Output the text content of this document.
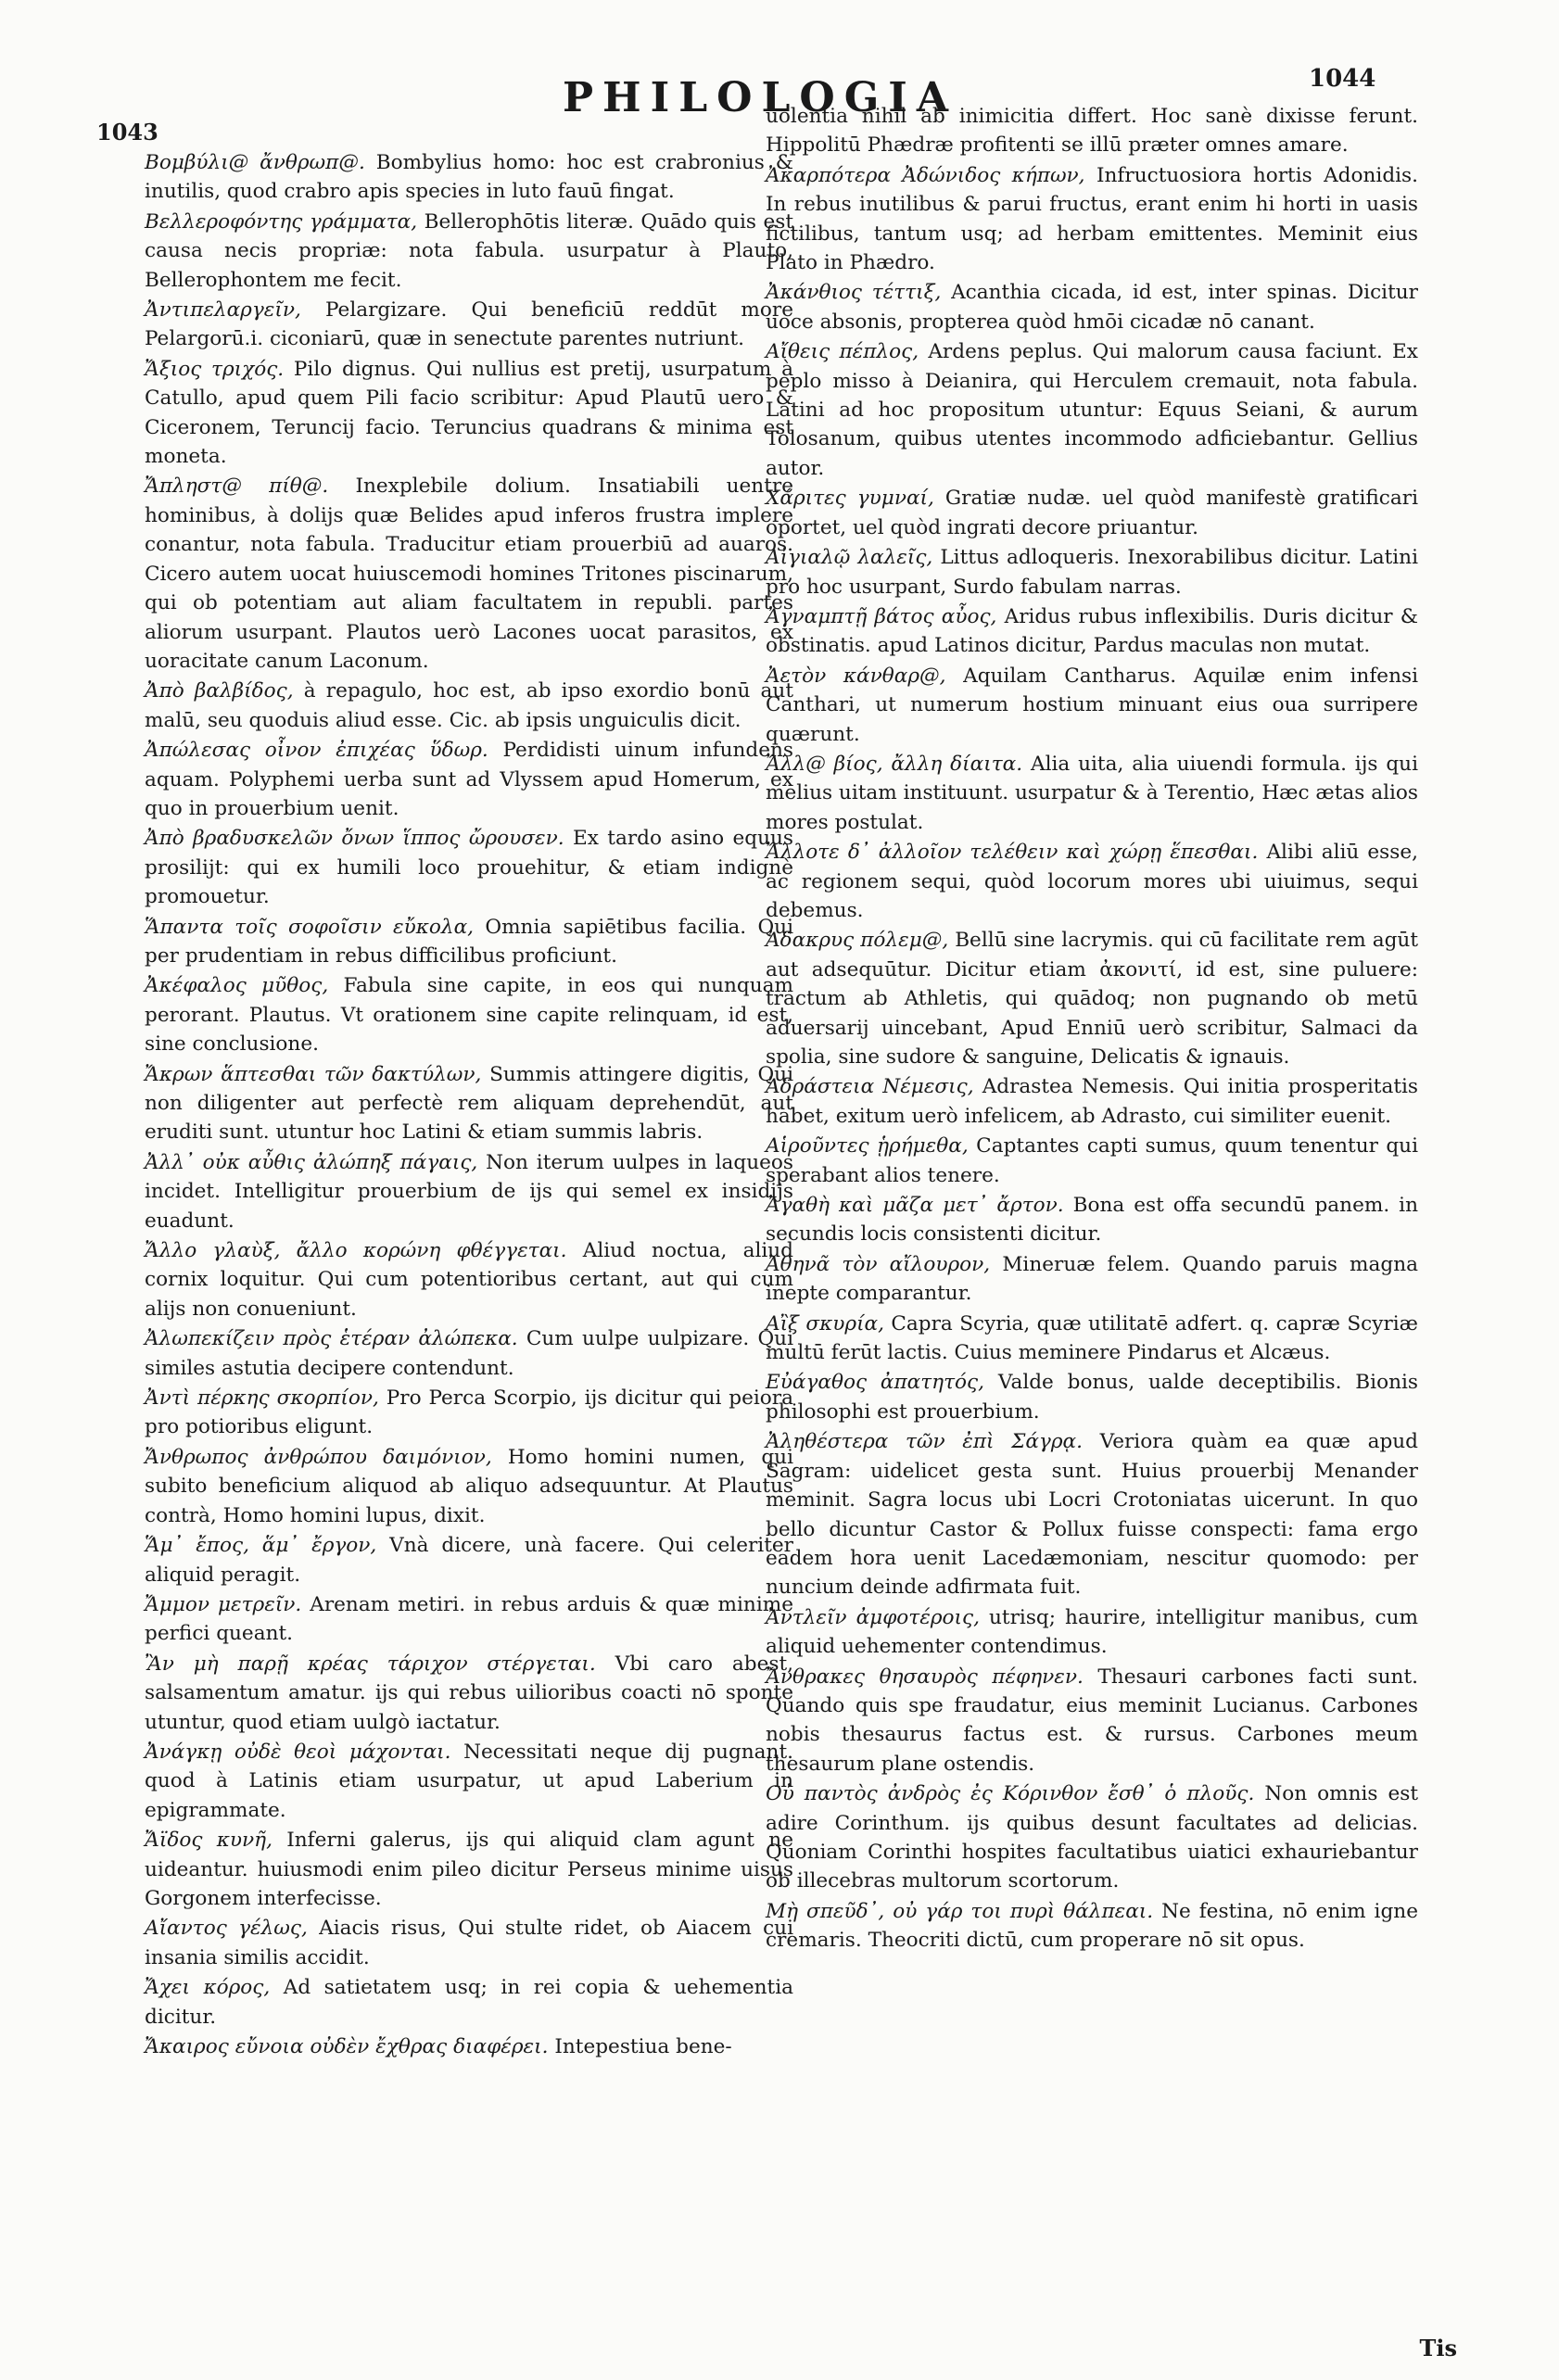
1043
PHILOLOGIA	1044

Βομβύλι@ ἄνθρωπ@. Bombylius homo: hoc est crabronius & inutilis, quod crabro apis species in luto fauū fingat.

Βελλεροφόντης γράμματα, Bellerophōtis literæ. Quādo quis est causa necis propriæ: nota fabula. usurpatur à Plauto, Bellerophontem me fecit.

Ἀντιπελαργεῖν, Pelargizare. Qui beneficiū reddūt more Pelargorū.i. ciconiarū, quæ in senectute parentes nutriunt.

Ἄξιος τριχός. Pilo dignus. Qui nullius est pretij, usurpatum à Catullo, apud quem Pili facio scribitur: Apud Plautū uero & Ciceronem, Teruncij facio. Teruncius quadrans & minima est moneta.

Ἄπληστ@ πίθ@. Inexplebile dolium. Insatiabili uentre hominibus, à dolijs quæ Belides apud inferos frustra implere conantur, nota fabula. Traducitur etiam prouerbiū ad auaros. Cicero autem uocat huiuscemodi homines Tritones piscinarum, qui ob potentiam aut aliam facultatem in republi. partes aliorum usurpant. Plautos uerò Lacones uocat parasitos, ex uoracitate canum Laconum.

Ἀπὸ βαλβίδος, à repagulo, hoc est, ab ipso exordio bonū aut malū, seu quoduis aliud esse. Cic. ab ipsis unguiculis dicit.

Ἀπώλεσας οἶνον ἐπιχέας ὕδωρ. Perdidisti uinum infundens aquam. Polyphemi uerba sunt ad Vlyssem apud Homerum, ex quo in prouerbium uenit.

Ἀπὸ βραδυσκελῶν ὄνων ἵππος ὤρουσεν. Ex tardo asino equus prosilijt: qui ex humili loco prouehitur, & etiam indignè promouetur.

Ἅπαντα τοῖς σοφοῖσιν εὔκολα, Omnia sapiētibus facilia. Qui per prudentiam in rebus difficilibus proficiunt.

Ἀκέφαλος μῦθος, Fabula sine capite, in eos qui nunquam perorant. Plautus. Vt orationem sine capite relinquam, id est, sine conclusione.

Ἄκρων ἅπτεσθαι τῶν δακτύλων, Summis attingere digitis, Qui non diligenter aut perfectè rem aliquam deprehendūt, aut eruditi sunt. utuntur hoc Latini & etiam summis labris.

Ἀλλ᾽ οὐκ αὖθις ἀλώπηξ πάγαις, Non iterum uulpes in laqueos incidet. Intelligitur prouerbium de ijs qui semel ex insidijs euadunt.

Ἄλλο γλαὺξ, ἄλλο κορώνη φθέγγεται. Aliud noctua, aliud cornix loquitur. Qui cum potentioribus certant, aut qui cum alijs non conueniunt.

Ἀλωπεκίζειν πρὸς ἑτέραν ἀλώπεκα. Cum uulpe uulpizare. Qui similes astutia decipere contendunt.

Ἀντὶ πέρκης σκορπίον, Pro Perca Scorpio, ijs dicitur qui peiora pro potioribus eligunt.

Ἄνθρωπος ἀνθρώπου δαιμόνιον, Homo homini numen, qui subito beneficium aliquod ab aliquo adsequuntur. At Plautus contrà, Homo homini lupus, dixit.

Ἅμ᾽ ἔπος, ἅμ᾽ ἔργον, Vnà dicere, unà facere. Qui celeriter aliquid peragit.

Ἄμμον μετρεῖν. Arenam metiri. in rebus arduis & quæ minime perfici queant.

Ἂν μὴ παρῇ κρέας τάριχον στέργεται. Vbi caro abest, salsamentum amatur. ijs qui rebus uilioribus coacti nō sponte utuntur, quod etiam uulgò iactatur.

Ἀνάγκῃ οὐδὲ θεοὶ μάχονται. Necessitati neque dij pugnant. quod à Latinis etiam usurpatur, ut apud Laberium in epigrammate.

Ἄϊδος κυνῆ, Inferni galerus, ijs qui aliquid clam agunt ne uideantur. huiusmodi enim pileo dicitur Perseus minime uisus Gorgonem interfecisse.

Αἴαντος γέλως, Aiacis risus, Qui stulte ridet, ob Aiacem cui insania similis accidit.

Ἄχει κόρος, Ad satietatem usq; in rei copia & uehementia dicitur.

Ἄκαιρος εὔνοια οὐδὲν ἔχθρας διαφέρει. Intepestiua bene-

uolentia nihil ab inimicitia differt. Hoc sanè dixisse ferunt. Hippolitū Phædræ profitenti se illū præter omnes amare.

Ἀκαρπότερα Ἀδώνιδος κήπων, Infructuosiora hortis Adonidis. In rebus inutilibus & parui fructus, erant enim hi horti in uasis fictilibus, tantum usq; ad herbam emittentes. Meminit eius Plato in Phædro.

Ἀκάνθιος τέττιξ, Acanthia cicada, id est, inter spinas. Dicitur uoce absonis, propterea quòd hmōi cicadæ nō canant.

Αἴθεις πέπλος, Ardens peplus. Qui malorum causa faciunt. Ex peplo misso à Deianira, qui Herculem cremauit, nota fabula. Latini ad hoc propositum utuntur: Equus Seiani, & aurum Tolosanum, quibus utentes incommodo adficiebantur. Gellius autor.

Χάριτες γυμναί, Gratiæ nudæ. uel quòd manifestè gratificari oportet, uel quòd ingrati decore priuantur.

Αἰγιαλῷ λαλεῖς, Littus adloqueris. Inexorabilibus dicitur. Latini pro hoc usurpant, Surdo fabulam narras.

Ἀγναμπτῇ βάτος αὖος, Aridus rubus inflexibilis. Duris dicitur & obstinatis. apud Latinos dicitur, Pardus maculas non mutat.

Ἀετὸν κάνθαρ@, Aquilam Cantharus. Aquilæ enim infensi Canthari, ut numerum hostium minuant eius oua surripere quærunt.

Ἄλλ@ βίος, ἄλλη δίαιτα. Alia uita, alia uiuendi formula. ijs qui melius uitam instituunt. usurpatur & à Terentio, Hæc ætas alios mores postulat.

Ἄλλοτε δ᾽ ἀλλοῖον τελέθειν καὶ χώρῃ ἕπεσθαι. Alibi aliū esse, ac regionem sequi, quòd locorum mores ubi uiuimus, sequi debemus.

Ἀδακρυς πόλεμ@, Bellū sine lacrymis. qui cū facilitate rem agūt aut adsequūtur. Dicitur etiam ἀκονιτί, id est, sine puluere: tractum ab Athletis, qui quādoq; non pugnando ob metū aduersarij uincebant, Apud Enniū uerò scribitur, Salmaci da spolia, sine sudore & sanguine, Delicatis & ignauis.

Ἀδράστεια Νέμεσις, Adrastea Nemesis. Qui initia prosperitatis habet, exitum uerò infelicem, ab Adrasto, cui similiter euenit.

Αἱροῦντες ᾑρήμεθα, Captantes capti sumus, quum tenentur qui sperabant alios tenere.

Ἀγαθὴ καὶ μᾶζα μετ᾽ ἄρτον. Bona est offa secundū panem. in secundis locis consistenti dicitur.

Ἀθηνᾶ τὸν αἴλουρον, Mineruæ felem. Quando paruis magna inepte comparantur.

Αἲξ σκυρία, Capra Scyria, quæ utilitatē adfert. q. capræ Scyriæ multū ferūt lactis. Cuius meminere Pindarus et Alcæus.

Εὐάγαθος ἀπατητός, Valde bonus, ualde deceptibilis. Bionis philosophi est prouerbium.

Ἀληθέστερα τῶν ἐπὶ Σάγρᾳ. Veriora quàm ea quæ apud Sagram: uidelicet gesta sunt. Huius prouerbij Menander meminit. Sagra locus ubi Locri Crotoniatas uicerunt. In quo bello dicuntur Castor & Pollux fuisse conspecti: fama ergo eadem hora uenit Lacedæmoniam, nescitur quomodo: per nuncium deinde adfirmata fuit.

Ἀντλεῖν ἀμφοτέροις, utrisq; haurire, intelligitur manibus, cum aliquid uehementer contendimus.

Ἄνθρακες θησαυρὸς πέφηνεν. Thesauri carbones facti sunt. Quando quis spe fraudatur, eius meminit Lucianus. Carbones nobis thesaurus factus est. & rursus. Carbones meum thesaurum plane ostendis.

Οὐ παντὸς ἀνδρὸς ἐς Κόρινθον ἔσθ᾽ ὁ πλοῦς. Non omnis est adire Corinthum. ijs quibus desunt facultates ad delicias. Quoniam Corinthi hospites facultatibus uiatici exhauriebantur ob illecebras multorum scortorum.

Μὴ σπεῦδ᾽, οὐ γάρ τοι πυρὶ θάλπεαι. Ne festina, nō enim igne cremaris. Theocriti dictū, cum properare nō sit opus.

Tis
